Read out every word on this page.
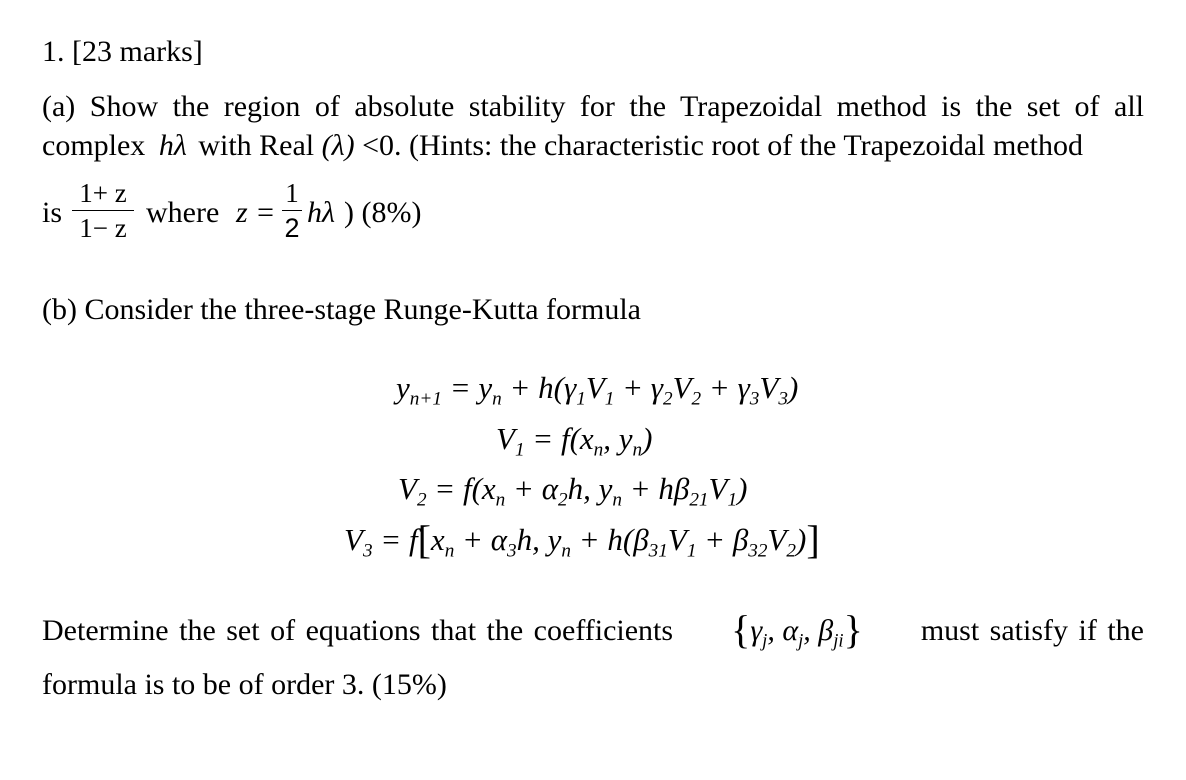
1. [23 marks]
(a) Show the region of absolute stability for the Trapezoidal method is the set of all
complex hλ with Real (λ) <0. (Hints: the characteristic root of the Trapezoidal method
is $\frac{1+ z}{1- z}$ where $z = \frac{1}{2}$ hλ ) (8%)
(b) Consider the three-stage Runge-Kutta formula
$y_{n+1} = y_n + h(\gamma_1V_1 + \gamma_2V_2 + \gamma_3V_3)$
$V_1 = f(x_n$, $y_n$)
$V_2 = f(x_n + \alpha_2h$, $y_n + h\beta_{21}V_1$)
$V_3 = f[x_n + \alpha_3h$, $y_n + h(\beta_{31}V_1 + \beta_{32}V_2)$]
Determine the set of equations that the coefficients {$\gamma_j$, $\alpha_j$, $\beta_{ji}$} must satisfy if the
formula is to be of order 3. (15%)
